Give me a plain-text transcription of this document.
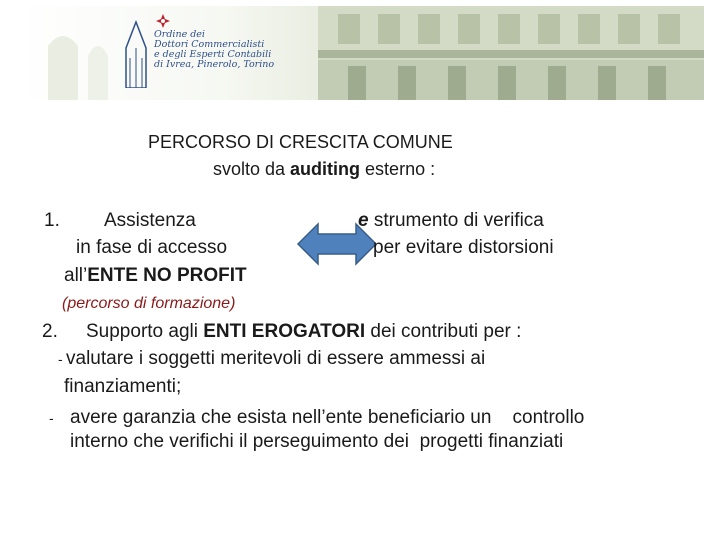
Ordine dei
Dottori Commercialisti
e degli Esperti Contabili
di Ivrea, Pinerolo, Torino
PERCORSO DI CRESCITA COMUNE
svolto da auditing esterno :
1. Assistenza
in fase di accesso
all’ENTE NO PROFIT
e strumento di verifica
per evitare distorsioni
(percorso di formazione)
2. Supporto agli ENTI EROGATORI dei contributi per :
- valutare i soggetti meritevoli di essere ammessi ai
finanziamenti;
- avere garanzia che esista nell’ente beneficiario un    controllo
interno che verifichi il perseguimento dei  progetti finanziati
